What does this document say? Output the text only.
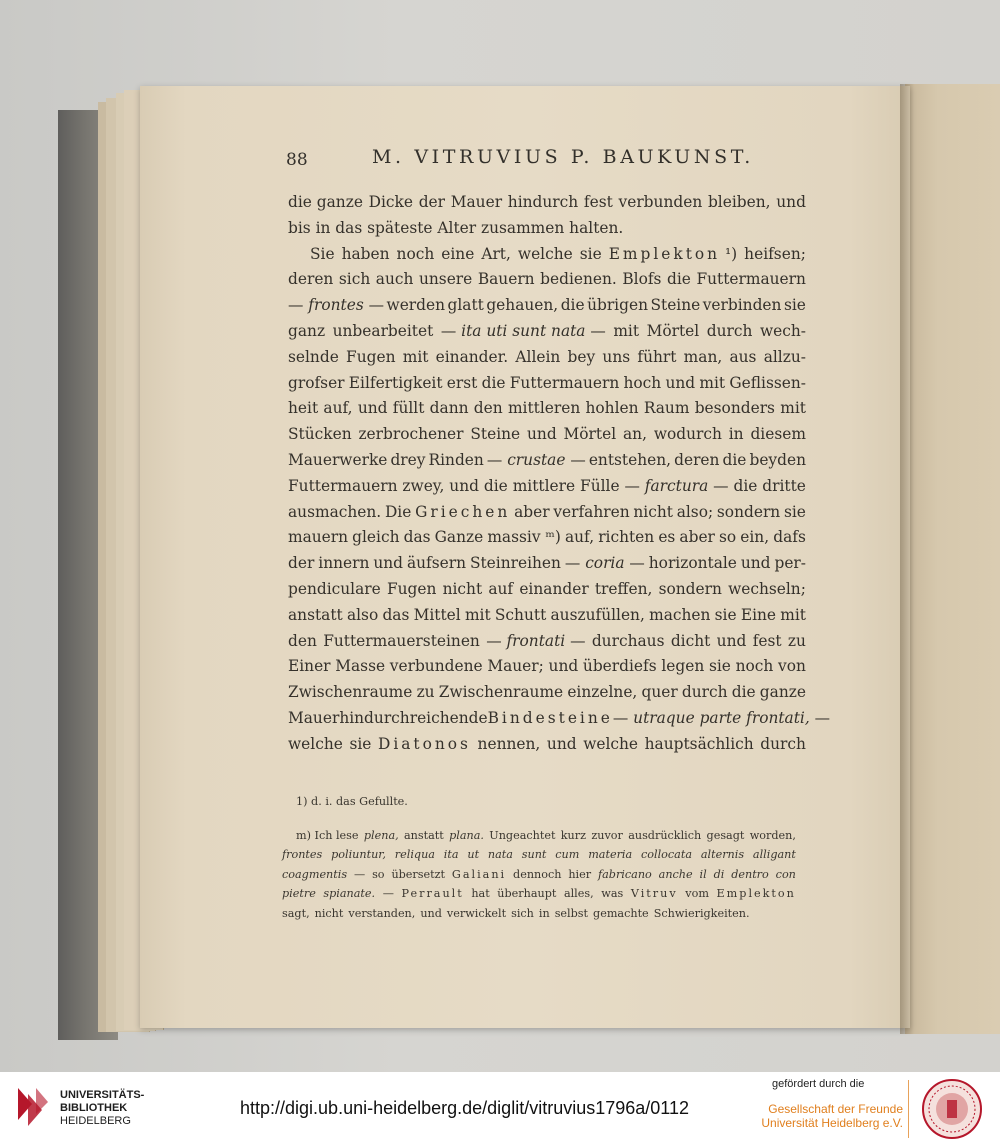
88	M. VITRUVIUS P. BAUKUNST.
die ganze Dicke der Mauer hindurch fest verbunden bleiben, und
bis in das späteste Alter zusammen halten.
Sie haben noch eine Art, welche sie Emplekton ¹) heifsen;
deren sich auch unsere Bauern bedienen. Blofs die Futtermauern
— frontes — werden glatt gehauen, die übrigen Steine verbinden sie
ganz unbearbeitet — ita uti sunt nata — mit Mörtel durch wech-
selnde Fugen mit einander. Allein bey uns führt man, aus allzu-
grofser Eilfertigkeit erst die Futtermauern hoch und mit Geflissen-
heit auf, und füllt dann den mittleren hohlen Raum besonders mit
Stücken zerbrochener Steine und Mörtel an, wodurch in diesem
Mauerwerke drey Rinden — crustae — entstehen, deren die beyden
Futtermauern zwey, und die mittlere Fülle — farctura — die dritte
ausmachen. Die Griechen aber verfahren nicht also; sondern sie
mauern gleich das Ganze massiv ᵐ) auf, richten es aber so ein, dafs
der innern und äufsern Steinreihen — coria — horizontale und per-
pendiculare Fugen nicht auf einander treffen, sondern wechseln;
anstatt also das Mittel mit Schutt auszufüllen, machen sie Eine mit
den Futtermauersteinen — frontati — durchaus dicht und fest zu
Einer Masse verbundene Mauer; und überdiefs legen sie noch von
Zwischenraume zu Zwischenraume einzelne, quer durch die ganze
Mauer hindurch reichende Bindesteine — utraque parte frontati, —
welche sie Diatonos nennen, und welche hauptsächlich durch
1) d. i. das Gefullte.
m) Ich lese plena, anstatt plana. Ungeachtet kurz zuvor ausdrücklich gesagt worden,
frontes poliuntur, reliqua ita ut nata sunt cum materia collocata alternis alligant
coagmentis — so übersetzt Galiani dennoch hier fabricano anche il di dentro con
pietre spianate. — Perrault hat überhaupt alles, was Vitruv vom Emplekton
sagt, nicht verstanden, und verwickelt sich in selbst gemachte Schwierigkeiten.
UNIVERSITÄTS-
BIBLIOTHEK
HEIDELBERG
http://digi.ub.uni-heidelberg.de/diglit/vitruvius1796a/0112
gefördert durch die
Gesellschaft der Freunde
Universität Heidelberg e.V.
